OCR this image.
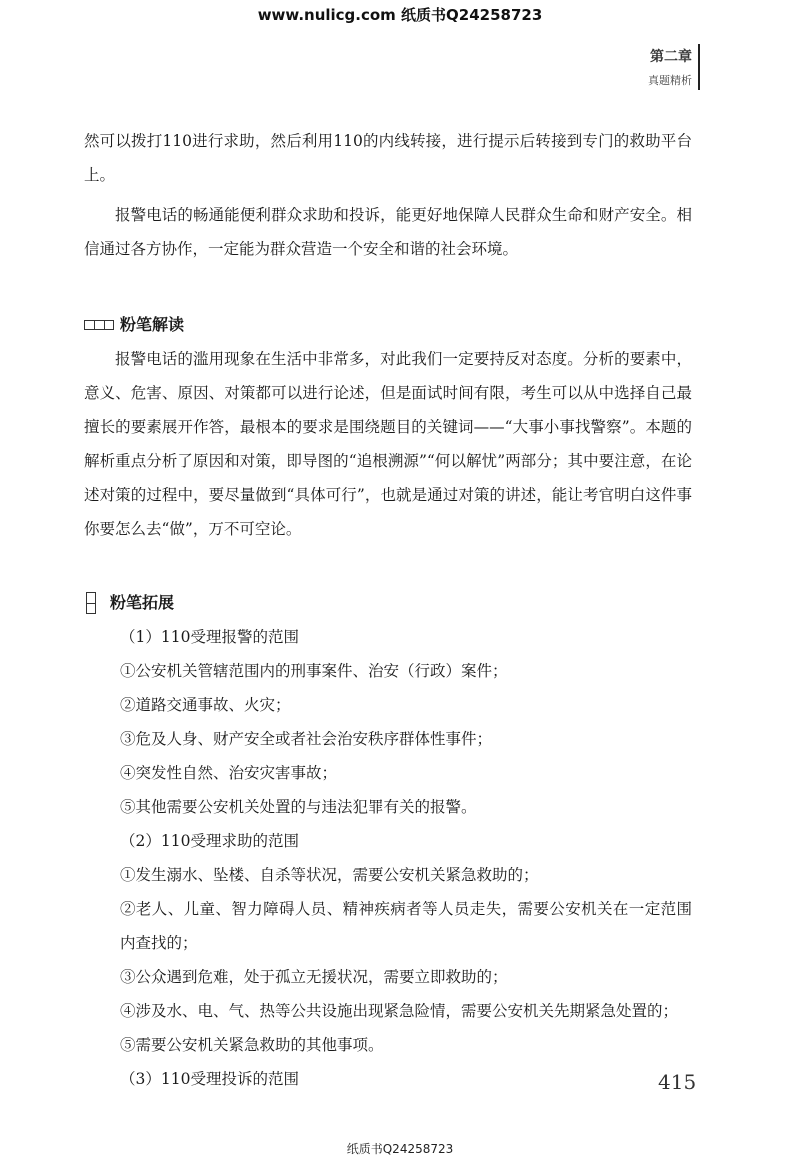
www.nulicg.com 纸质书Q24258723
第二章
真题精析

然可以拨打110进行求助，然后利用110的内线转接，进行提示后转接到专门的救助平台上。

报警电话的畅通能便利群众求助和投诉，能更好地保障人民群众生命和财产安全。相信通过各方协作，一定能为群众营造一个安全和谐的社会环境。

粉笔解读

报警电话的滥用现象在生活中非常多，对此我们一定要持反对态度。分析的要素中，意义、危害、原因、对策都可以进行论述，但是面试时间有限，考生可以从中选择自己最擅长的要素展开作答，最根本的要求是围绕题目的关键词——“大事小事找警察”。本题的解析重点分析了原因和对策，即导图的“追根溯源”“何以解忧”两部分；其中要注意，在论述对策的过程中，要尽量做到“具体可行”，也就是通过对策的讲述，能让考官明白这件事你要怎么去“做”，万不可空论。

粉笔拓展

（1）110受理报警的范围

①公安机关管辖范围内的刑事案件、治安（行政）案件；

②道路交通事故、火灾；

③危及人身、财产安全或者社会治安秩序群体性事件；

④突发性自然、治安灾害事故；

⑤其他需要公安机关处置的与违法犯罪有关的报警。

（2）110受理求助的范围

①发生溺水、坠楼、自杀等状况，需要公安机关紧急救助的；

②老人、儿童、智力障碍人员、精神疾病者等人员走失，需要公安机关在一定范围内查找的；

③公众遇到危难，处于孤立无援状况，需要立即救助的；

④涉及水、电、气、热等公共设施出现紧急险情，需要公安机关先期紧急处置的；

⑤需要公安机关紧急救助的其他事项。

（3）110受理投诉的范围	415
纸质书Q24258723
